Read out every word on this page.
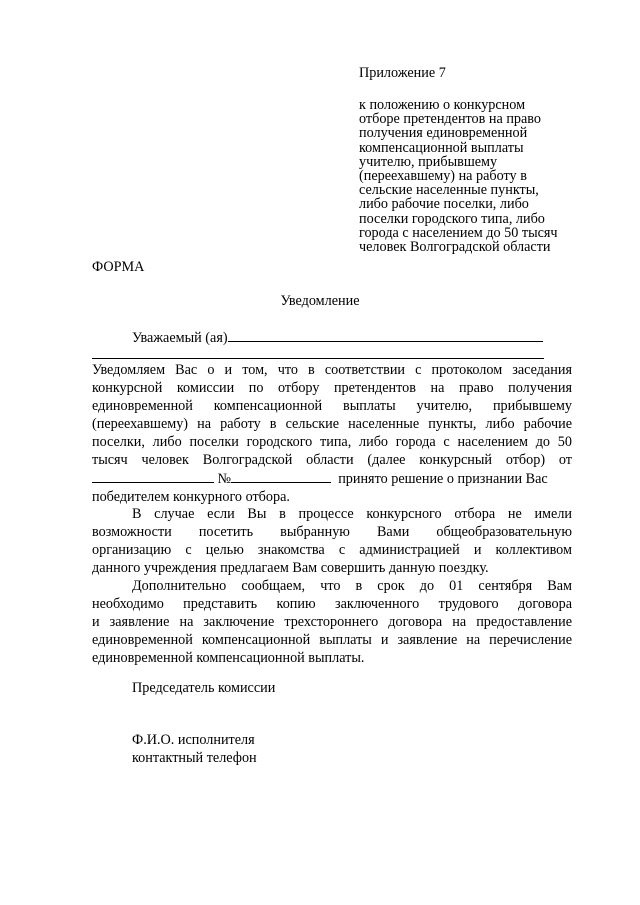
Приложение 7
к положению о конкурсном
отборе претендентов на право
получения единовременной
компенсационной выплаты
учителю, прибывшему
(переехавшему) на работу в
сельские населенные пункты,
либо рабочие поселки, либо
поселки городского типа, либо
города с населением до 50 тысяч
человек Волгоградской области
ФОРМА
Уведомление
Уважаемый (ая)
Уведомляем Вас о и том, что в соответствии с протоколом заседания
конкурсной комиссии по отбору претендентов на право получения
единовременной компенсационной выплаты учителю, прибывшему
(переехавшему) на работу в сельские населенные пункты, либо рабочие
поселки, либо поселки городского типа, либо города с населением до 50
тысяч человек Волгоградской области (далее конкурсный отбор) от
№	принято решение о признании Вас
победителем конкурного отбора.
В случае если Вы в процессе конкурсного отбора не имели
возможности посетить выбранную Вами общеобразовательную
организацию с целью знакомства с администрацией и коллективом
данного учреждения предлагаем Вам совершить данную поездку.
Дополнительно сообщаем, что в срок до 01 сентября Вам
необходимо представить копию заключенного трудового договора
и заявление на заключение трехстороннего договора на предоставление
единовременной компенсационной выплаты и заявление на перечисление
единовременной компенсационной выплаты.
Председатель комиссии
Ф.И.О. исполнителя
контактный телефон
